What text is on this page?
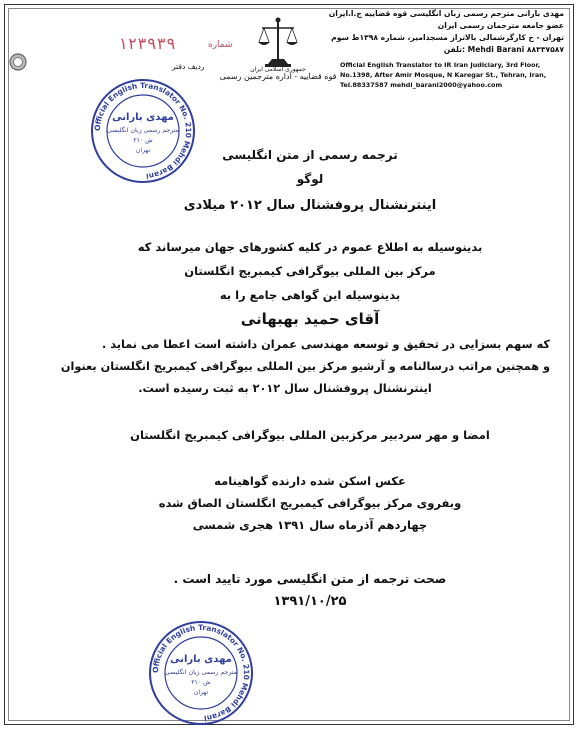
مهدی بارانی مترجم رسمی زبان انگلیسی قوه قضاییه ج.ا.ایران
عضو جامعه مترجمان رسمی ایران
تهران - خ کارگرشمالی بالاتراز مسجدامیر، شماره ۱۳۹۸ط سوم
تلفن: Mehdi Barani ۸۸۳۳۷۵۸۷
Official English Translator to IR Iran Judiciary, 3rd Floor,
No.1398, After Amir Mosque, N Karegar St., Tehran, Iran,
Tel.88337587 mehdi_barani2000@yahoo.com
جمهوری اسلامی ایران
قوه قضاییه - اداره مترجمین رسمی
شماره
۱۲۳۹۳۹
ردیف دفتر
Official English Translator No. 210 Mehdi Barani
مهدی بارانی
مترجم رسمی زبان انگلیسی
ش ۲۱۰
تهران	ترجمه رسمی از متن انگلیسی
لوگو
اینترنشنال پروفشنال سال ۲۰۱۲ میلادی
بدینوسیله به اطلاع عموم در کلیه کشورهای جهان میرساند که
مرکز بین المللی بیوگرافی کیمبریج انگلستان
بدینوسیله این گواهی جامع را به
آقای حمید بهبهانی
که سهم بسزایی در تحقیق و توسعه مهندسی عمران داشته است اعطا می نماید .
و همچنین مراتب درسالنامه و آرشیو مرکز بین المللی بیوگرافی کیمبریج انگلستان بعنوان
اینترنشنال پروفشنال سال ۲۰۱۲ به ثبت رسیده است.
امضا و مهر سردبیر مرکزبین المللی بیوگرافی کیمبریج انگلستان
عکس اسکن شده دارنده گواهینامه
وبفروی مرکز بیوگرافی کیمبریج انگلستان الصاق شده
چهاردهم آذرماه سال ۱۳۹۱ هجری شمسی
صحت ترجمه از متن انگلیسی مورد تایید است .
۱۳۹۱/۱۰/۲۵
Official English Translator No. 210 Mehdi Barani
مهدی بارانی
مترجم رسمی زبان انگلیسی
ش ۲۱۰
تهران
